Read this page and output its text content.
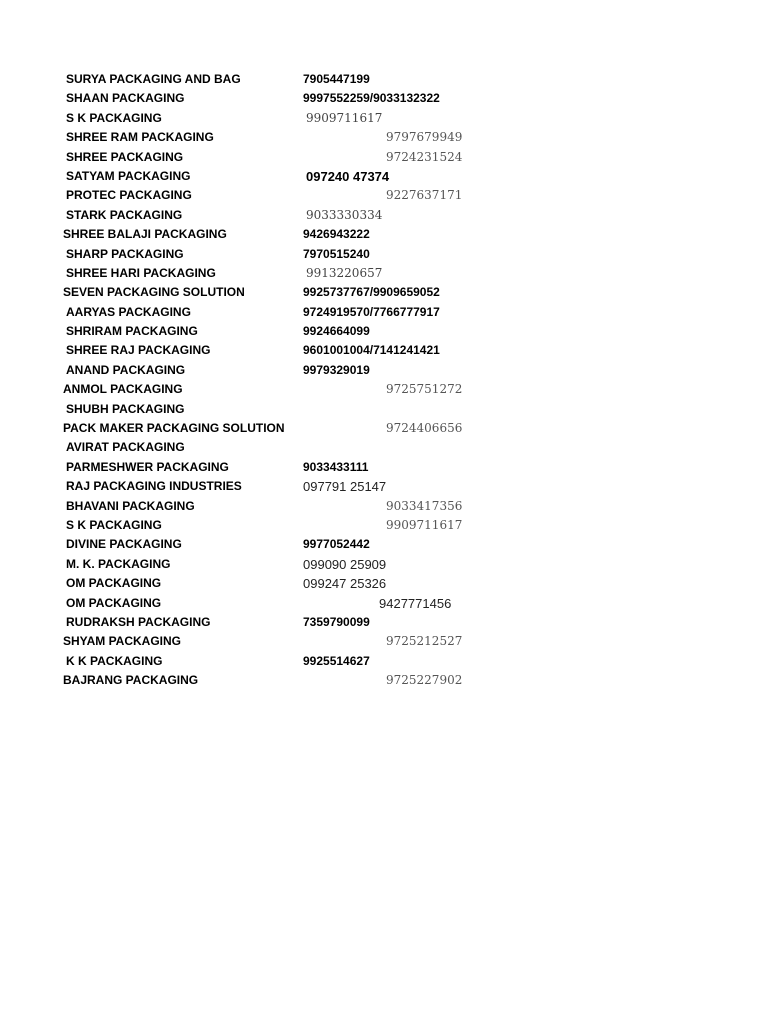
SURYA PACKAGING AND BAG	7905447199
SHAAN PACKAGING	9997552259/9033132322
S K PACKAGING	9909711617
SHREE RAM PACKAGING	9797679949
SHREE PACKAGING	9724231524
SATYAM PACKAGING	097240 47374
PROTEC PACKAGING	9227637171
STARK PACKAGING	9033330334
SHREE BALAJI PACKAGING	9426943222
SHARP PACKAGING	7970515240
SHREE HARI PACKAGING	9913220657
SEVEN PACKAGING SOLUTION	9925737767/9909659052
AARYAS PACKAGING	9724919570/7766777917
SHRIRAM PACKAGING	9924664099
SHREE RAJ PACKAGING	9601001004/7141241421
ANAND PACKAGING	9979329019
ANMOL PACKAGING	9725751272
SHUBH PACKAGING
PACK MAKER PACKAGING SOLUTION	9724406656
AVIRAT PACKAGING
PARMESHWER PACKAGING	9033433111
RAJ PACKAGING INDUSTRIES	097791 25147
BHAVANI PACKAGING	9033417356
S K PACKAGING	9909711617
DIVINE PACKAGING	9977052442
M. K. PACKAGING	099090 25909
OM PACKAGING	099247 25326
OM PACKAGING	9427771456
RUDRAKSH PACKAGING	7359790099
SHYAM PACKAGING	9725212527
K K PACKAGING	9925514627
BAJRANG PACKAGING	9725227902
